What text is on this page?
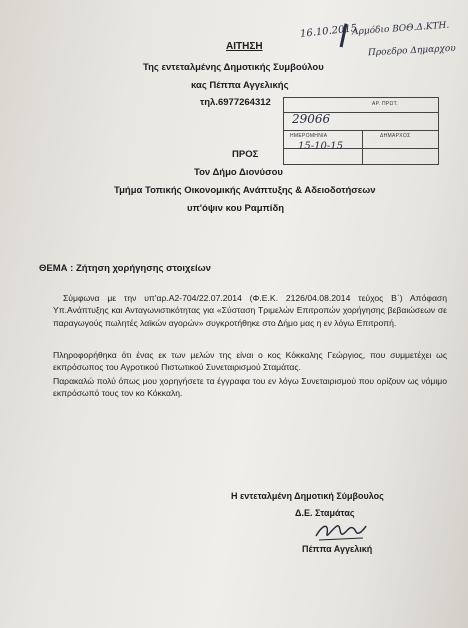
ΑΙΤΗΣΗ
16.10.2015
Αρμόδιο ΒΟΘ.Δ.ΚΤΗ.
Προεδρο Δημαρχου
Της εντεταλμένης Δημοτικής Συμβούλου
κας Πέππα Αγγελικής
τηλ.6977264312	ΑΡ. ΠΡΩΤ.
ΗΜΕΡΟΜΗΝΙΑ	ΔΗΜΑΡΧΟΣ
29066
15-10-15
ΠΡΟΣ
Τον Δήμο Διονύσου
Τμήμα Τοπικής Οικονομικής Ανάπτυξης & Αδειοδοτήσεων
υπ'όψιν κου Ραμπίδη
ΘΕΜΑ : Ζήτηση χορήγησης στοιχείων
Σύμφωνα με την υπ'αρ.Α2-704/22.07.2014 (Φ.Ε.Κ. 2126/04.08.2014 τεύχος Β΄) Απόφαση Υπ.Ανάπτυξης και Ανταγωνιστικότητας για «Σύσταση Τριμελών Επιτροπών χορήγησης βεβαιώσεων σε παραγωγούς πωλητές λαϊκών αγορών» συγκροτήθηκε στο Δήμο μας η εν λόγω Επιτροπή.
Πληροφορήθηκα ότι ένας εκ των μελών της είναι ο κος Κόκκαλης Γεώργιος, που συμμετέχει ως εκπρόσωπος του Αγροτικού Πιστωτικού Συνεταιρισμού Σταμάτας.
Παρακαλώ πολύ όπως μου χορηγήσετε τα έγγραφα του εν λόγω Συνεταιρισμού που ορίζουν ως νόμιμο εκπρόσωπό τους τον κο Κόκκαλη.
Η εντεταλμένη Δημοτική Σύμβουλος
Δ.Ε. Σταμάτας
Πέππα Αγγελική
